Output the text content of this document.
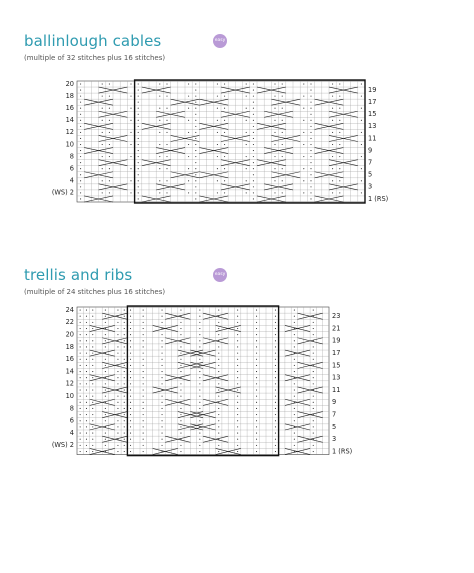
ballinlough cables	easy
(multiple of 32 stitches plus 16 stitches)
20
18
16
14
12
10
8
6
4
(WS) 2
19
17
15
13
11
9
7
5
3
1 (RS)
trellis and ribs	easy
(multiple of 24 stitches plus 16 stitches)
24
22
20
18
16
14
12
10
8
6
4
(WS) 2
23
21
19
17
15
13
11
9
7
5
3
1 (RS)
